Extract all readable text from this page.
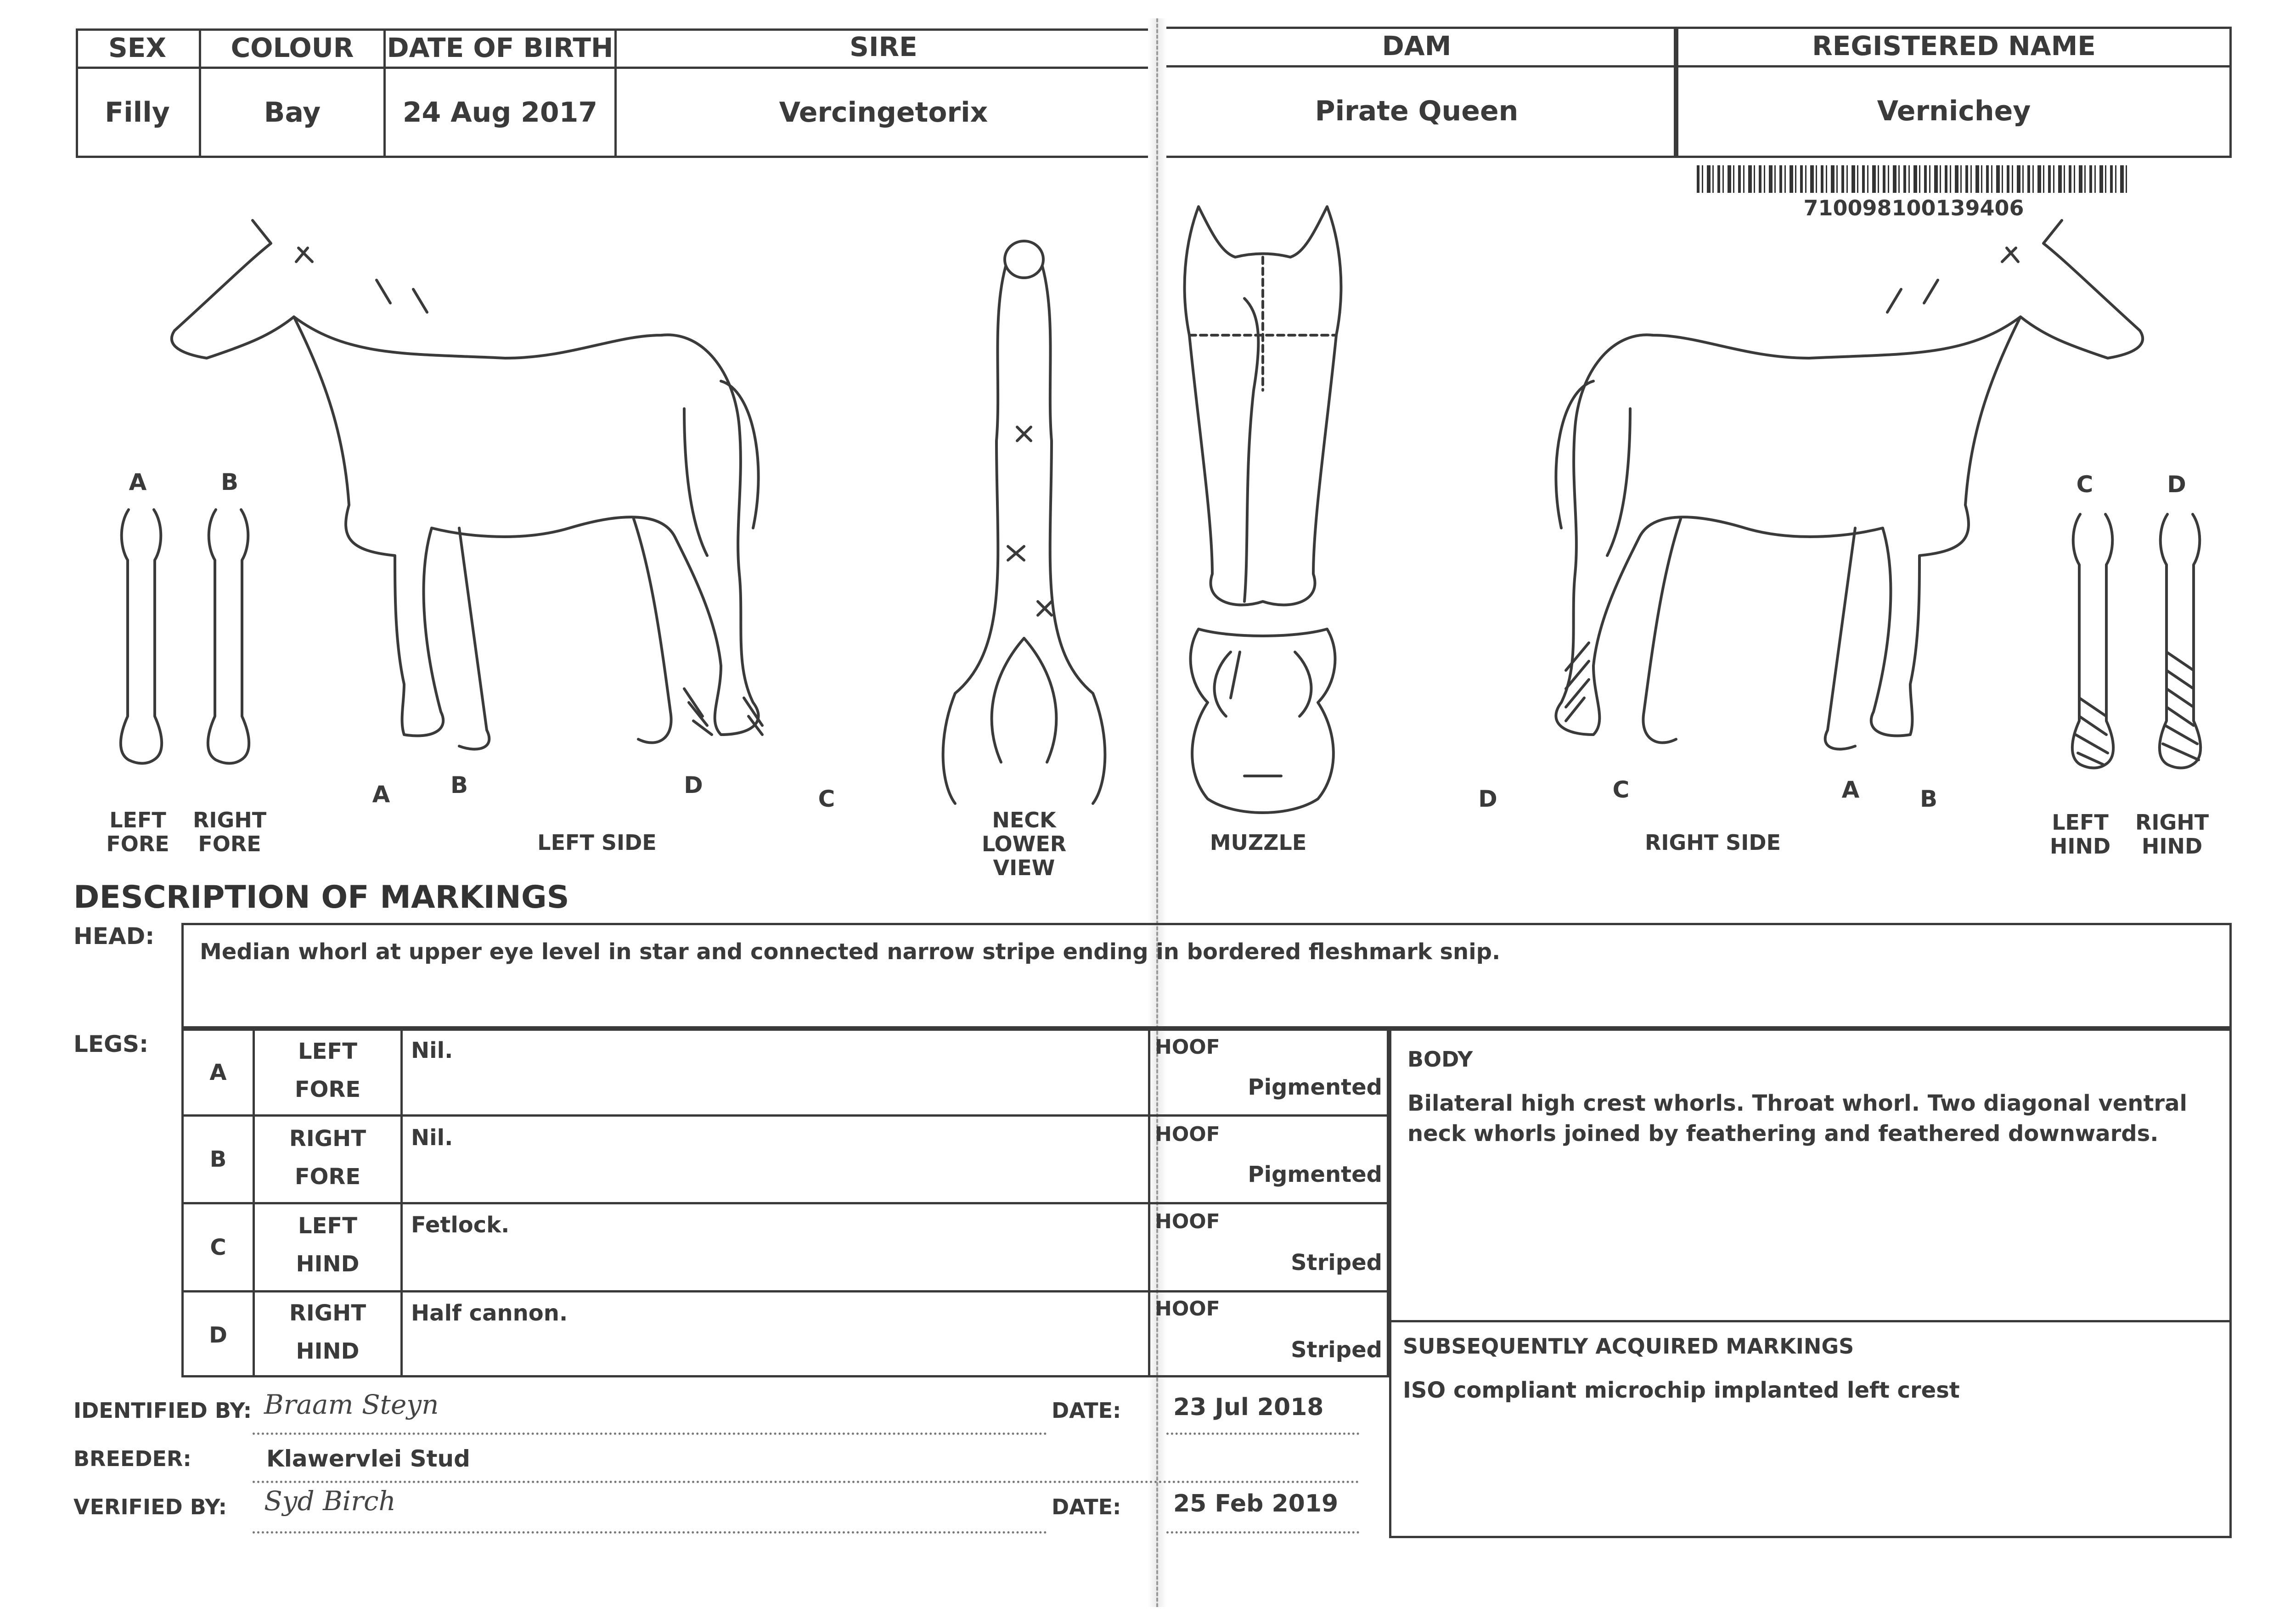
SEX
Filly
COLOUR
Bay
DATE OF BIRTH
24 Aug 2017
SIRE
Vercingetorix
DAM
Pirate Queen
REGISTERED NAME
Vernichey
710098100139406
A	B
LEFT
FORE
RIGHT
FORE
A	B	D
C
LEFT SIDE
NECK
LOWER VIEW
MUZZLE
D	C	A	B
RIGHT SIDE
C	D
LEFT
HIND
RIGHT
HIND
DESCRIPTION OF MARKINGS
HEAD:
Median whorl at upper eye level in star and connected narrow stripe ending in bordered fleshmark snip.
LEGS:
A
LEFT
FORE
Nil.	HOOF
Pigmented
B
RIGHT
FORE
Nil.	HOOF
Pigmented
C
LEFT
HIND
Fetlock.	HOOF
Striped
D
RIGHT
HIND
Half cannon.	HOOF
Striped
BODY
Bilateral high crest whorls. Throat whorl. Two diagonal ventral neck whorls joined by feathering and feathered downwards.
SUBSEQUENTLY ACQUIRED MARKINGS
ISO compliant microchip implanted left crest
IDENTIFIED BY: Braam Steyn	DATE: 23 Jul 2018
BREEDER:	Klawervlei Stud
VERIFIED BY: Syd Birch	DATE: 25 Feb 2019
